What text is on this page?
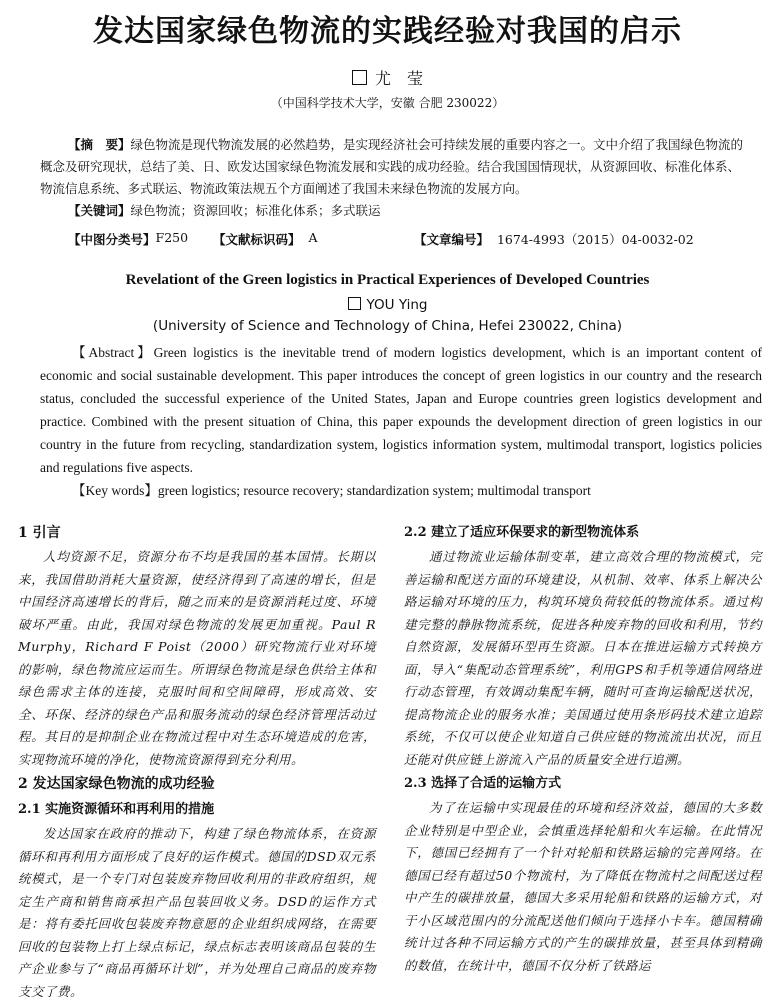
发达国家绿色物流的实践经验对我国的启示
尤　莹
（中国科学技术大学，安徽 合肥 230022）

【摘　要】绿色物流是现代物流发展的必然趋势，是实现经济社会可持续发展的重要内容之一。文中介绍了我国绿色物流的概念及研究现状，总结了美、日、欧发达国家绿色物流发展和实践的成功经验。结合我国国情现状，从资源回收、标准化体系、物流信息系统、多式联运、物流政策法规五个方面阐述了我国未来绿色物流的发展方向。

【关键词】绿色物流；资源回收；标准化体系；多式联运

【中图分类号】 F250 【文献标识码】 A	【文章编号】 1674-4993（2015）04-0032-02
Revelationt of the Green logistics in Practical Experiences of Developed Countries
YOU Ying
(University of Science and Technology of China, Hefei 230022, China)

【Abstract】Green logistics is the inevitable trend of modern logistics development, which is an important content of economic and social sustainable development. This paper introduces the concept of green logistics in our country and the research status, concluded the successful experience of the United States, Japan and Europe countries green logistics development and practice. Combined with the present situation of China, this paper expounds the development direction of green logistics in our country in the future from recycling, standardization system, logistics information system, multimodal transport, logistics policies and regulations five aspects.

【Key words】green logistics; resource recovery; standardization system; multimodal transport

1 引言

人均资源不足，资源分布不均是我国的基本国情。长期以来，我国借助消耗大量资源，使经济得到了高速的增长，但是中国经济高速增长的背后，随之而来的是资源消耗过度、环境破坏严重。由此，我国对绿色物流的发展更加重视。Paul R Murphy，Richard F Poist（2000）研究物流行业对环境的影响，绿色物流应运而生。所谓绿色物流是绿色供给主体和绿色需求主体的连接，克服时间和空间障碍，形成高效、安全、环保、经济的绿色产品和服务流动的绿色经济管理活动过程。其目的是抑制企业在物流过程中对生态环境造成的危害，实现物流环境的净化，使物流资源得到充分利用。

2 发达国家绿色物流的成功经验

2.1 实施资源循环和再利用的措施

发达国家在政府的推动下，构建了绿色物流体系，在资源循环和再利用方面形成了良好的运作模式。德国的DSD双元系统模式，是一个专门对包装废弃物回收利用的非政府组织，规定生产商和销售商承担产品包装回收义务。DSD的运作方式是：将有委托回收包装废弃物意愿的企业组织成网络，在需要回收的包装物上打上绿点标记，绿点标志表明该商品包装的生产企业参与了“商品再循环计划”，并为处理自己商品的废弃物支交了费。

2.2 建立了适应环保要求的新型物流体系

通过物流业运输体制变革，建立高效合理的物流模式，完善运输和配送方面的环境建设，从机制、效率、体系上解决公路运输对环境的压力，构筑环境负荷较低的物流体系。通过构建完整的静脉物流系统，促进各种废弃物的回收和利用，节约自然资源，发展循环型再生资源。日本在推进运输方式转换方面，导入“集配动态管理系统”，利用GPS和手机等通信网络进行动态管理，有效调动集配车辆，随时可查询运输配送状况，提高物流企业的服务水准；美国通过使用条形码技术建立追踪系统，不仅可以使企业知道自己供应链的物流流出状况，而且还能对供应链上游流入产品的质量安全进行追溯。

2.3 选择了合适的运输方式

为了在运输中实现最佳的环境和经济效益，德国的大多数企业特别是中型企业，会慎重选择轮船和火车运输。在此情况下，德国已经拥有了一个针对轮船和铁路运输的完善网络。在德国已经有超过50个物流村，为了降低在物流村之间配送过程中产生的碳排放量，德国大多采用轮船和铁路的运输方式，对于小区域范围内的分流配送他们倾向于选择小卡车。德国精确统计过各种不同运输方式的产生的碳排放量，甚至具体到精确的数值，在统计中，德国不仅分析了铁路运
